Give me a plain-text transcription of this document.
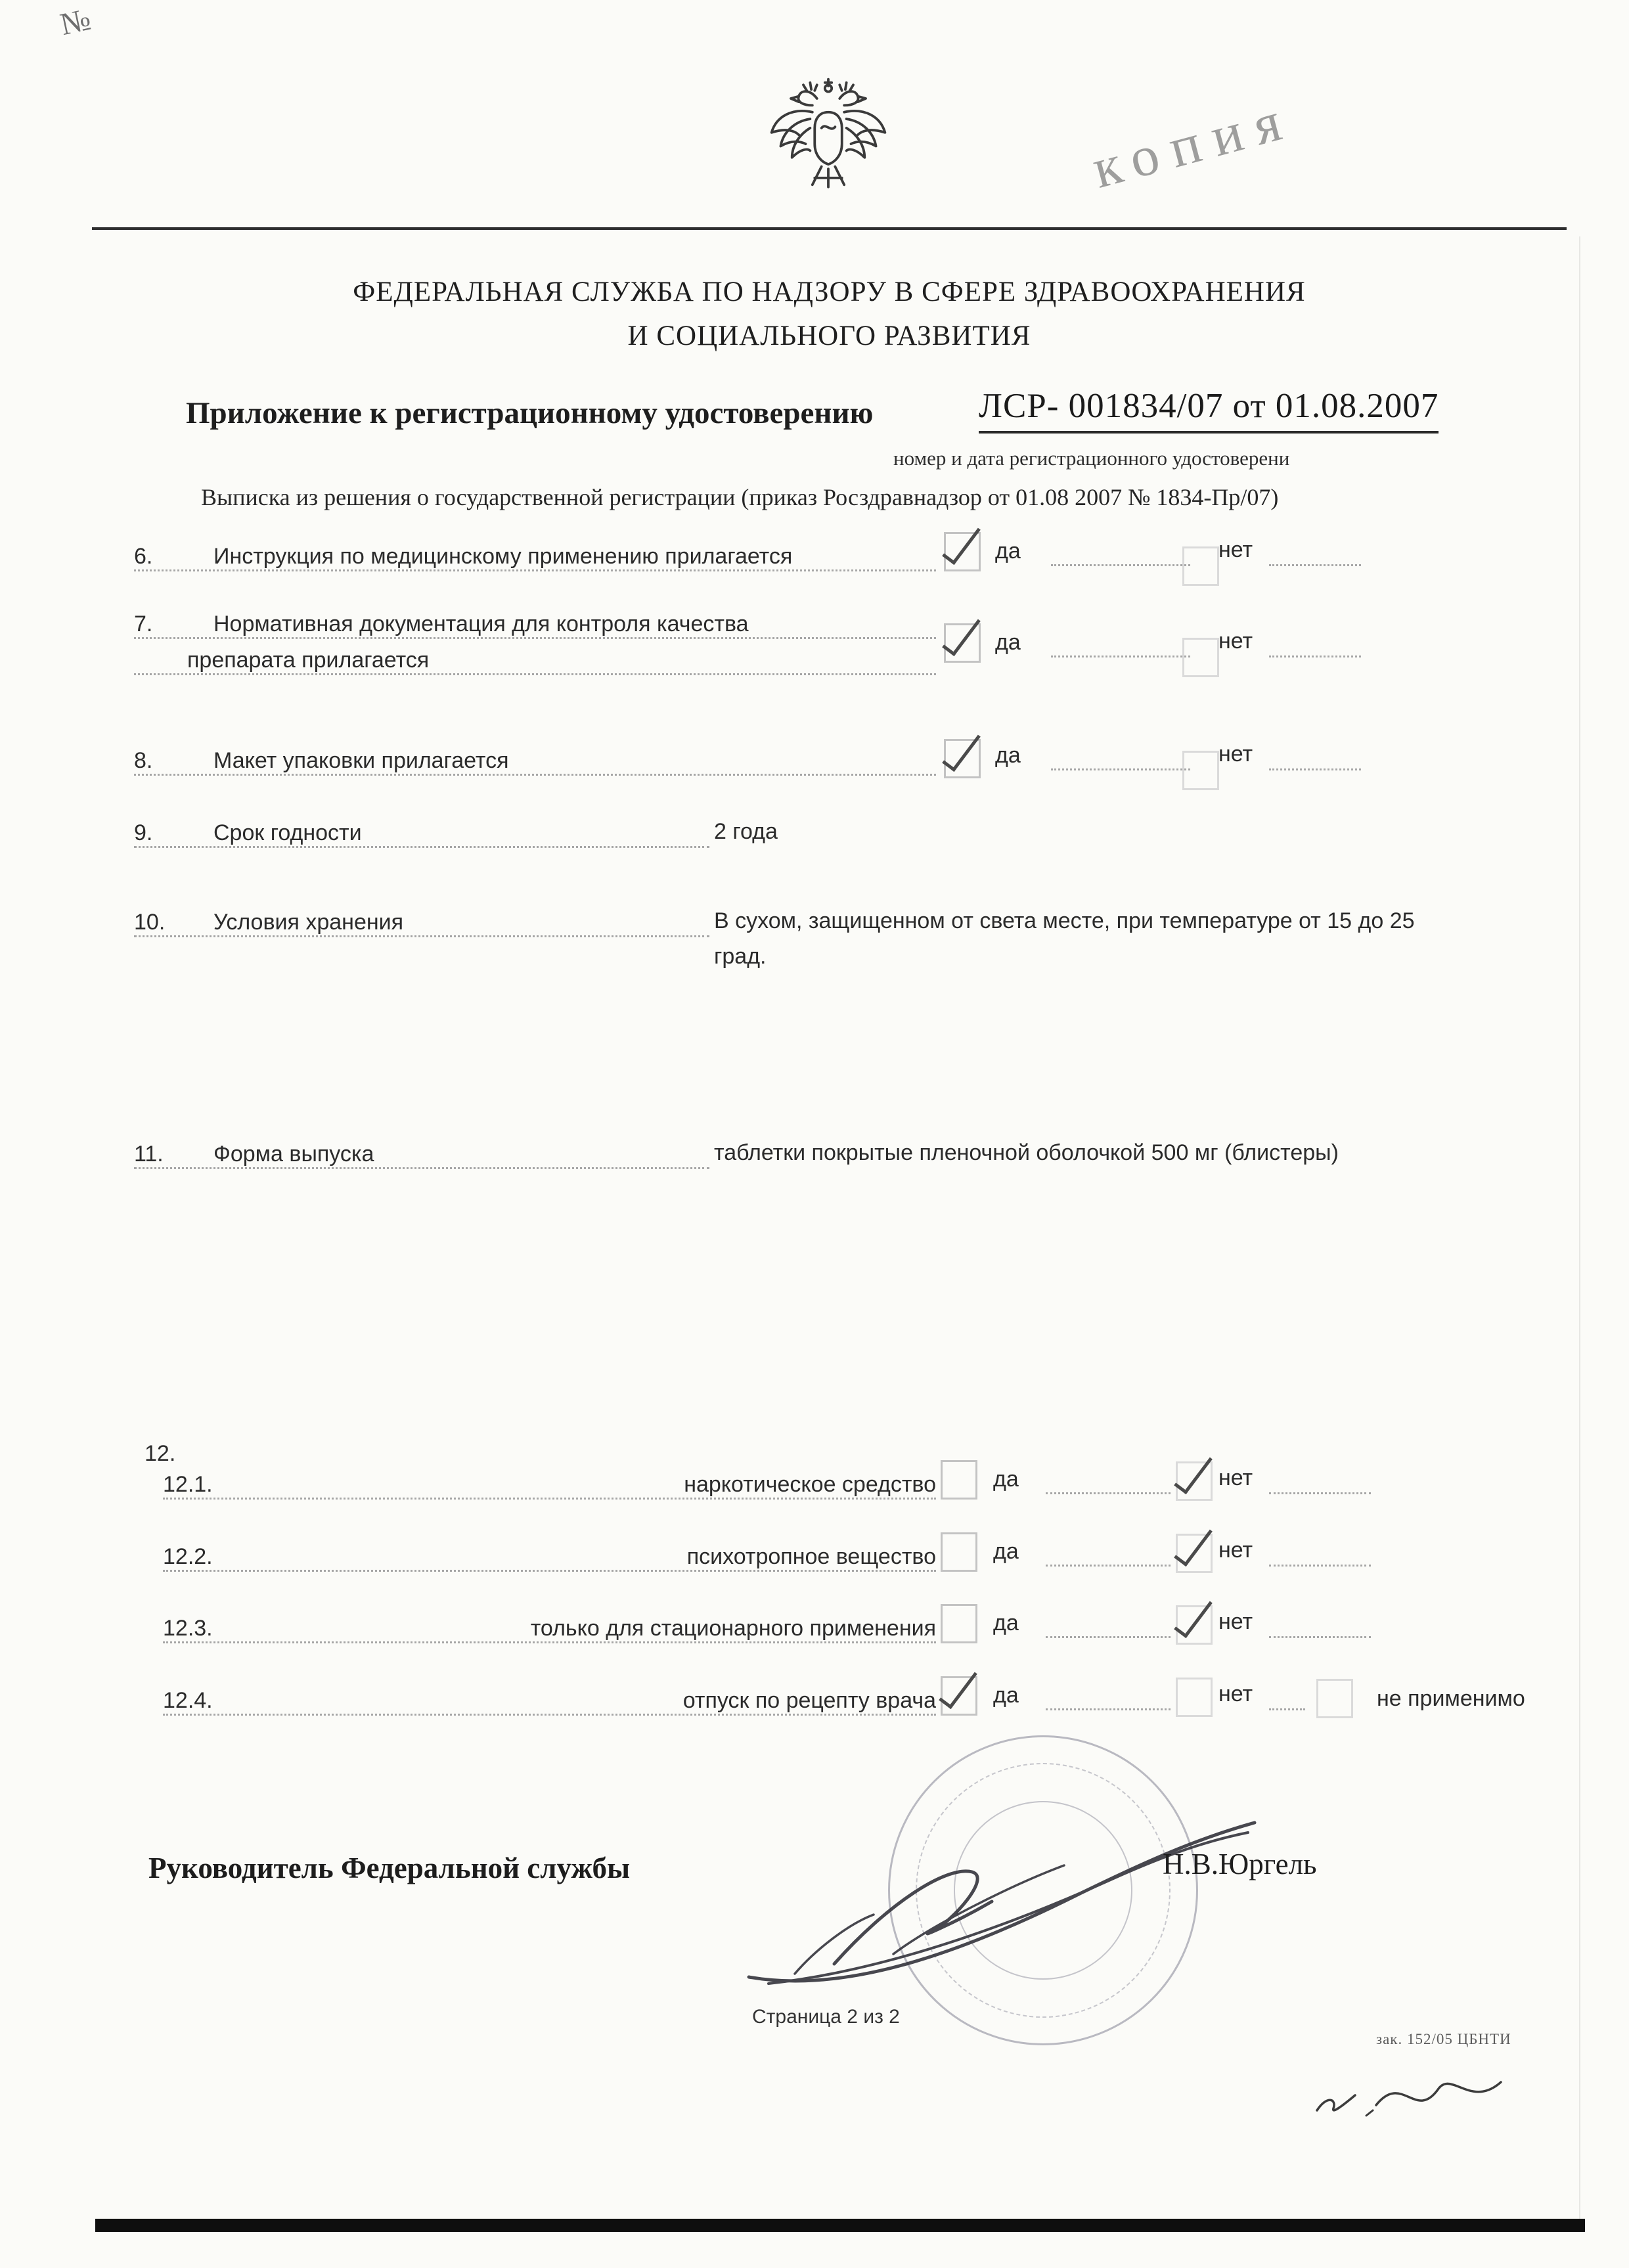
№
копия
ФЕДЕРАЛЬНАЯ СЛУЖБА ПО НАДЗОРУ В СФЕРЕ ЗДРАВООХРАНЕНИЯ
И СОЦИАЛЬНОГО РАЗВИТИЯ
Приложение к регистрационному удостоверению	ЛСР- 001834/07 от 01.08.2007
номер и дата регистрационного удостоверени
Выписка из решения о государственной регистрации (приказ Росздравнадзор от 01.08 2007 № 1834-Пр/07)
6.	Инструкция по медицинскому применению прилагается	да	нет
7.	Нормативная документация для контроля качества
препарата прилагается
да	нет
8.	Макет упаковки прилагается	да	нет
9.	Срок годности	2 года
10.	Условия хранения	В сухом, защищенном от света месте, при температуре от 15 до 25
град.
11.	Форма выпуска	таблетки покрытые пленочной оболочкой 500 мг (блистеры)
12.
12.1.	наркотическое средство	да	нет
12.2.	психотропное вещество	да	нет
12.3.	только для стационарного применения	да	нет
12.4.	отпуск по рецепту врача	да	нет	не применимо
Руководитель Федеральной службы	Н.В.Юргель
Страница 2 из 2
зак. 152/05 ЦБНТИ
